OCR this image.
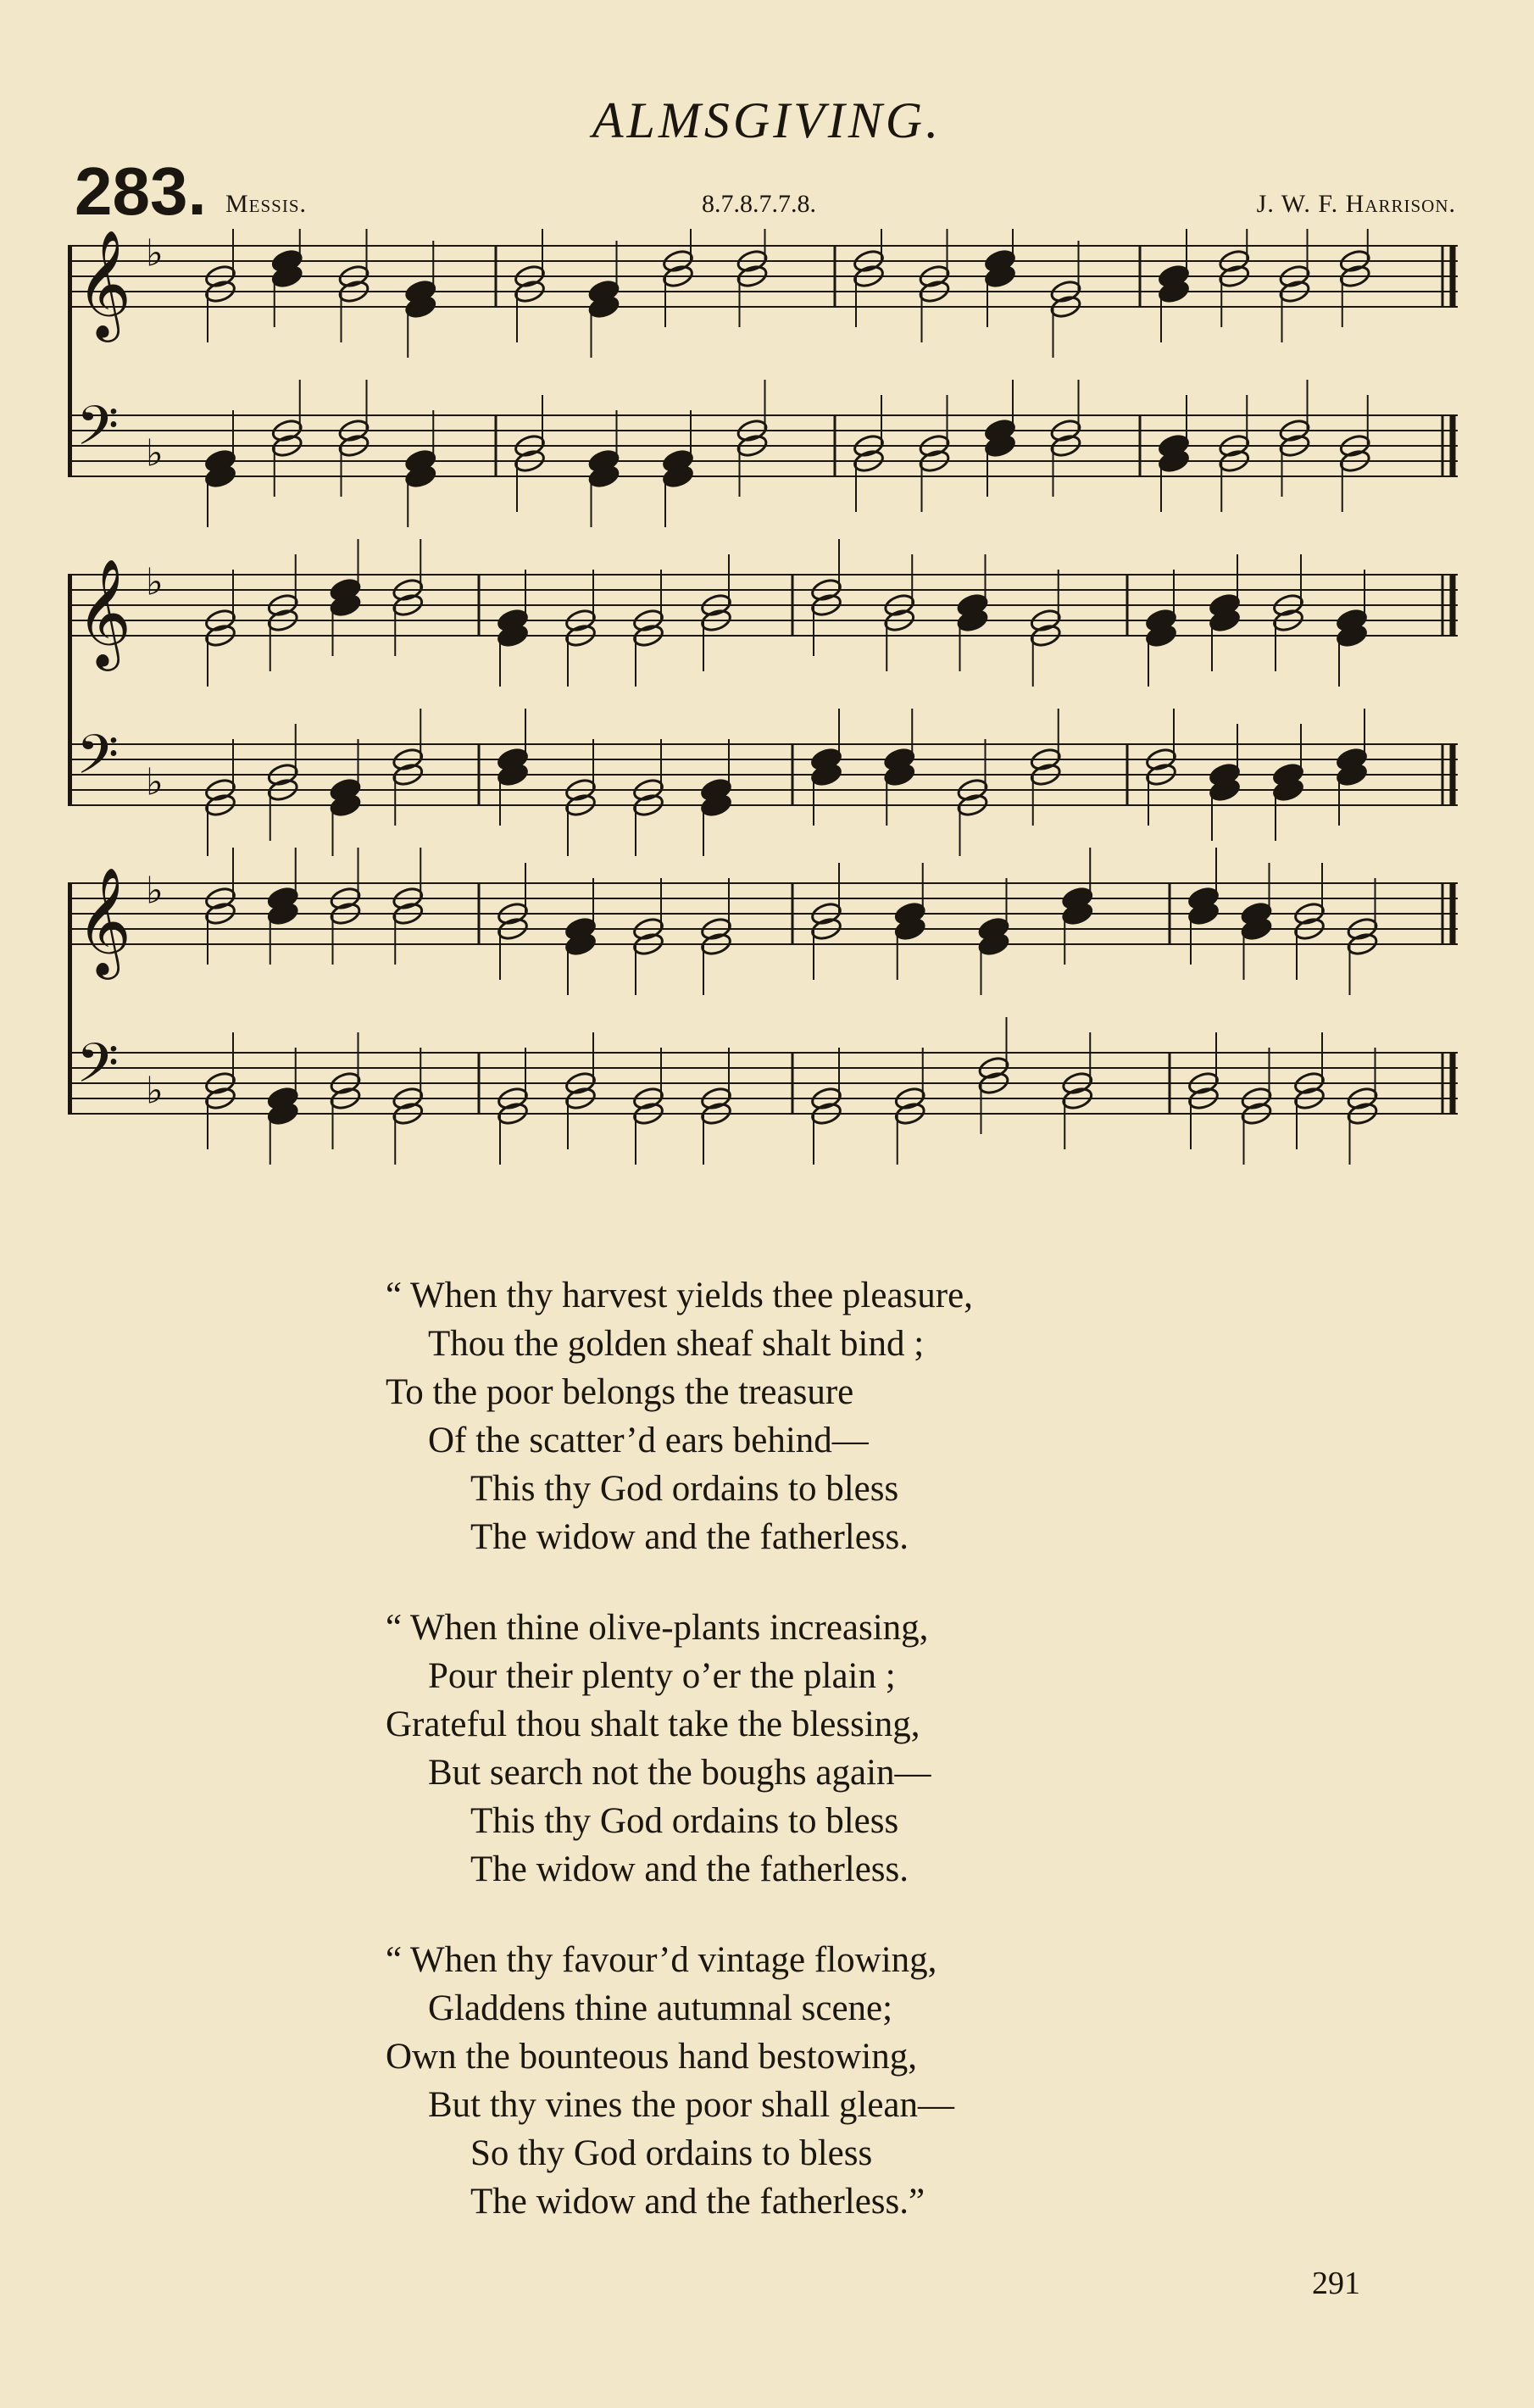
ALMSGIVING.
283. Messis.	8.7.8.7.7.8.	J. W. F. Harrison.
𝄞 ♭
𝄢 ♭
𝄞 ♭
𝄢 ♭
𝄞 ♭
𝄢 ♭
“ When thy harvest yields thee pleasure,
Thou the golden sheaf shalt bind ;
To the poor belongs the treasure
Of the scatter’d ears behind—
This thy God ordains to bless
The widow and the fatherless.
“ When thine olive-plants increasing,
Pour their plenty o’er the plain ;
Grateful thou shalt take the blessing,
But search not the boughs again—
This thy God ordains to bless
The widow and the fatherless.
“ When thy favour’d vintage flowing,
Gladdens thine autumnal scene;
Own the bounteous hand bestowing,
But thy vines the poor shall glean—
So thy God ordains to bless
The widow and the fatherless.”
291
